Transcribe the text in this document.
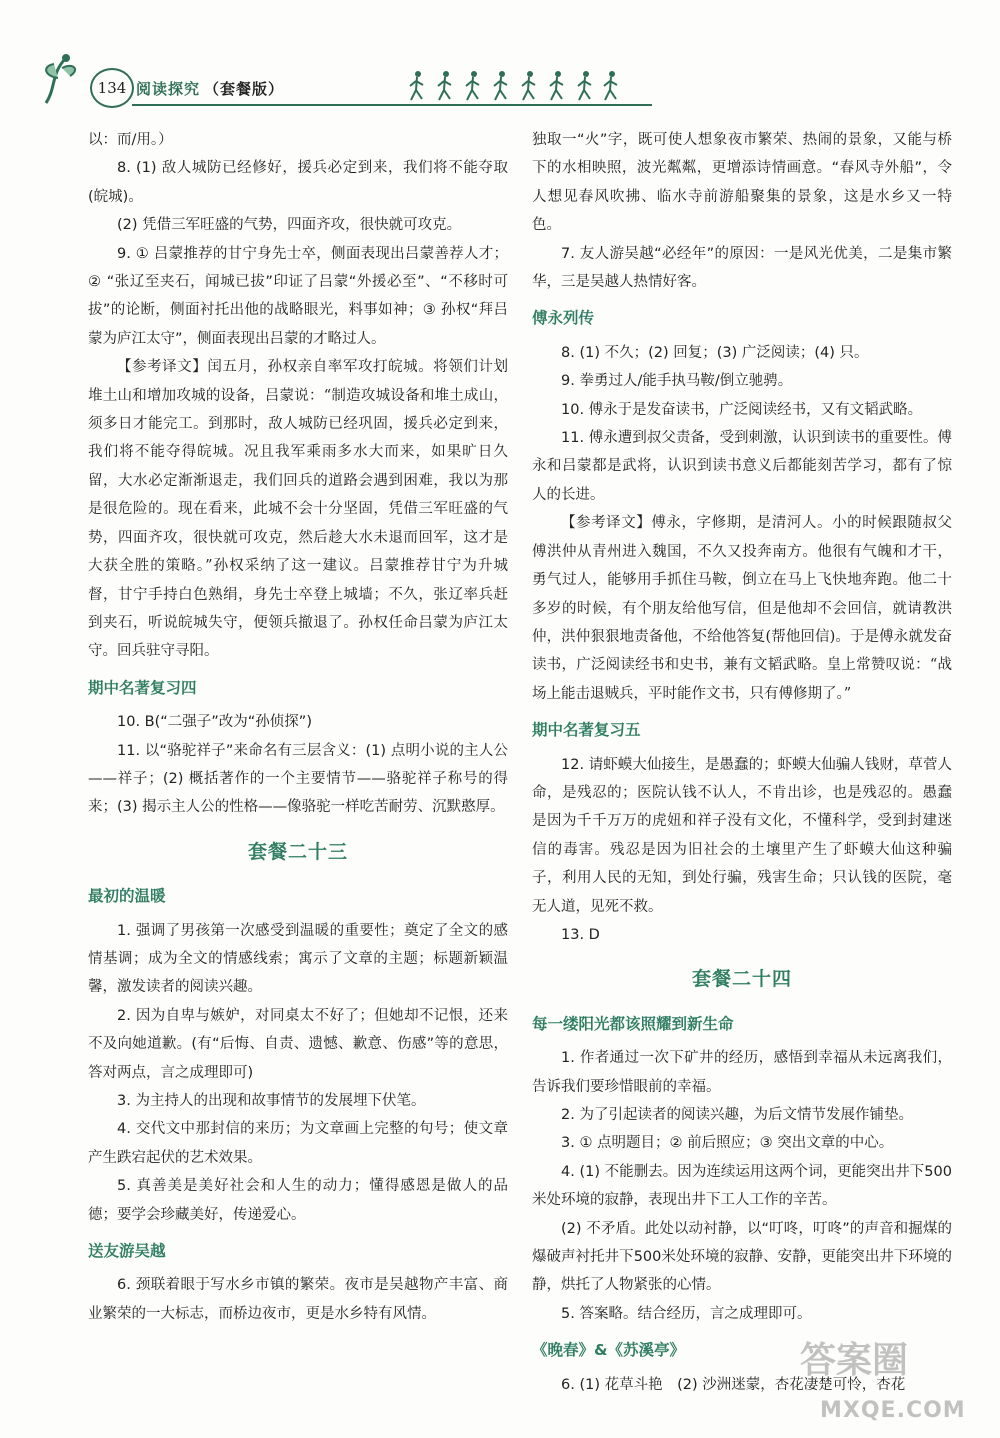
134 阅读探究 （套餐版）

以：而/用。）

8. (1) 敌人城防已经修好，援兵必定到来，我们将不能夺取(皖城)。

(2) 凭借三军旺盛的气势，四面齐攻，很快就可攻克。

9. ① 吕蒙推荐的甘宁身先士卒，侧面表现出吕蒙善荐人才；② “张辽至夹石，闻城已拔”印证了吕蒙“外援必至”、“不移时可拔”的论断，侧面衬托出他的战略眼光，料事如神；③ 孙权“拜吕蒙为庐江太守”，侧面表现出吕蒙的才略过人。

【参考译文】闰五月，孙权亲自率军攻打皖城。将领们计划堆土山和增加攻城的设备，吕蒙说：“制造攻城设备和堆土成山，须多日才能完工。到那时，敌人城防已经巩固，援兵必定到来，我们将不能夺得皖城。况且我军乘雨多水大而来，如果旷日久留，大水必定渐渐退走，我们回兵的道路会遇到困难，我以为那是很危险的。现在看来，此城不会十分坚固，凭借三军旺盛的气势，四面齐攻，很快就可攻克，然后趁大水未退而回军，这才是大获全胜的策略。”孙权采纳了这一建议。吕蒙推荐甘宁为升城督，甘宁手持白色熟绢，身先士卒登上城墙；不久，张辽率兵赶到夹石，听说皖城失守，便领兵撤退了。孙权任命吕蒙为庐江太守。回兵驻守寻阳。

期中名著复习四

10. B(“二强子”改为“孙侦探”)

11. 以“骆驼祥子”来命名有三层含义：(1) 点明小说的主人公——祥子；(2) 概括著作的一个主要情节——骆驼祥子称号的得来；(3) 揭示主人公的性格——像骆驼一样吃苦耐劳、沉默憨厚。

套餐二十三
最初的温暖

1. 强调了男孩第一次感受到温暖的重要性；奠定了全文的感情基调；成为全文的情感线索；寓示了文章的主题；标题新颖温馨，激发读者的阅读兴趣。

2. 因为自卑与嫉妒，对同桌太不好了；但她却不记恨，还来不及向她道歉。(有“后悔、自责、遗憾、歉意、伤感”等的意思，答对两点，言之成理即可)

3. 为主持人的出现和故事情节的发展埋下伏笔。

4. 交代文中那封信的来历；为文章画上完整的句号；使文章产生跌宕起伏的艺术效果。

5. 真善美是美好社会和人生的动力；懂得感恩是做人的品德；要学会珍藏美好，传递爱心。

送友游吴越

6. 颈联着眼于写水乡市镇的繁荣。夜市是吴越物产丰富、商业繁荣的一大标志，而桥边夜市，更是水乡特有风情。

独取一“火”字，既可使人想象夜市繁荣、热闹的景象，又能与桥下的水相映照，波光粼粼，更增添诗情画意。“春风寺外船”，令人想见春风吹拂、临水寺前游船聚集的景象，这是水乡又一特色。

7. 友人游吴越“必经年”的原因：一是风光优美，二是集市繁华，三是吴越人热情好客。

傅永列传

8. (1) 不久；(2) 回复；(3) 广泛阅读；(4) 只。

9. 拳勇过人/能手执马鞍/倒立驰骋。

10. 傅永于是发奋读书，广泛阅读经书，又有文韬武略。

11. 傅永遭到叔父责备，受到刺激，认识到读书的重要性。傅永和吕蒙都是武将，认识到读书意义后都能刻苦学习，都有了惊人的长进。

【参考译文】傅永，字修期，是清河人。小的时候跟随叔父傅洪仲从青州进入魏国，不久又投奔南方。他很有气魄和才干，勇气过人，能够用手抓住马鞍，倒立在马上飞快地奔跑。他二十多岁的时候，有个朋友给他写信，但是他却不会回信，就请教洪仲，洪仲狠狠地责备他，不给他答复(帮他回信)。于是傅永就发奋读书，广泛阅读经书和史书，兼有文韬武略。皇上常赞叹说：“战场上能击退贼兵，平时能作文书，只有傅修期了。”

期中名著复习五

12. 请虾蟆大仙接生，是愚蠢的；虾蟆大仙骗人钱财，草菅人命，是残忍的；医院认钱不认人，不肯出诊，也是残忍的。愚蠢是因为千千万万的虎妞和祥子没有文化，不懂科学，受到封建迷信的毒害。残忍是因为旧社会的土壤里产生了虾蟆大仙这种骗子，利用人民的无知，到处行骗，残害生命；只认钱的医院，毫无人道，见死不救。

13. D

套餐二十四
每一缕阳光都该照耀到新生命

1. 作者通过一次下矿井的经历，感悟到幸福从未远离我们，告诉我们要珍惜眼前的幸福。

2. 为了引起读者的阅读兴趣，为后文情节发展作铺垫。

3. ① 点明题目；② 前后照应；③ 突出文章的中心。

4. (1) 不能删去。因为连续运用这两个词，更能突出井下500米处环境的寂静，表现出井下工人工作的辛苦。

(2) 不矛盾。此处以动衬静，以“叮咚，叮咚”的声音和掘煤的爆破声衬托井下500米处环境的寂静、安静，更能突出井下环境的静，烘托了人物紧张的心情。

5. 答案略。结合经历，言之成理即可。

《晚春》&《苏溪亭》

6. (1) 花草斗艳　(2) 沙洲迷蒙，杏花凄楚可怜，杏花

答案圈
MXQE.COM
